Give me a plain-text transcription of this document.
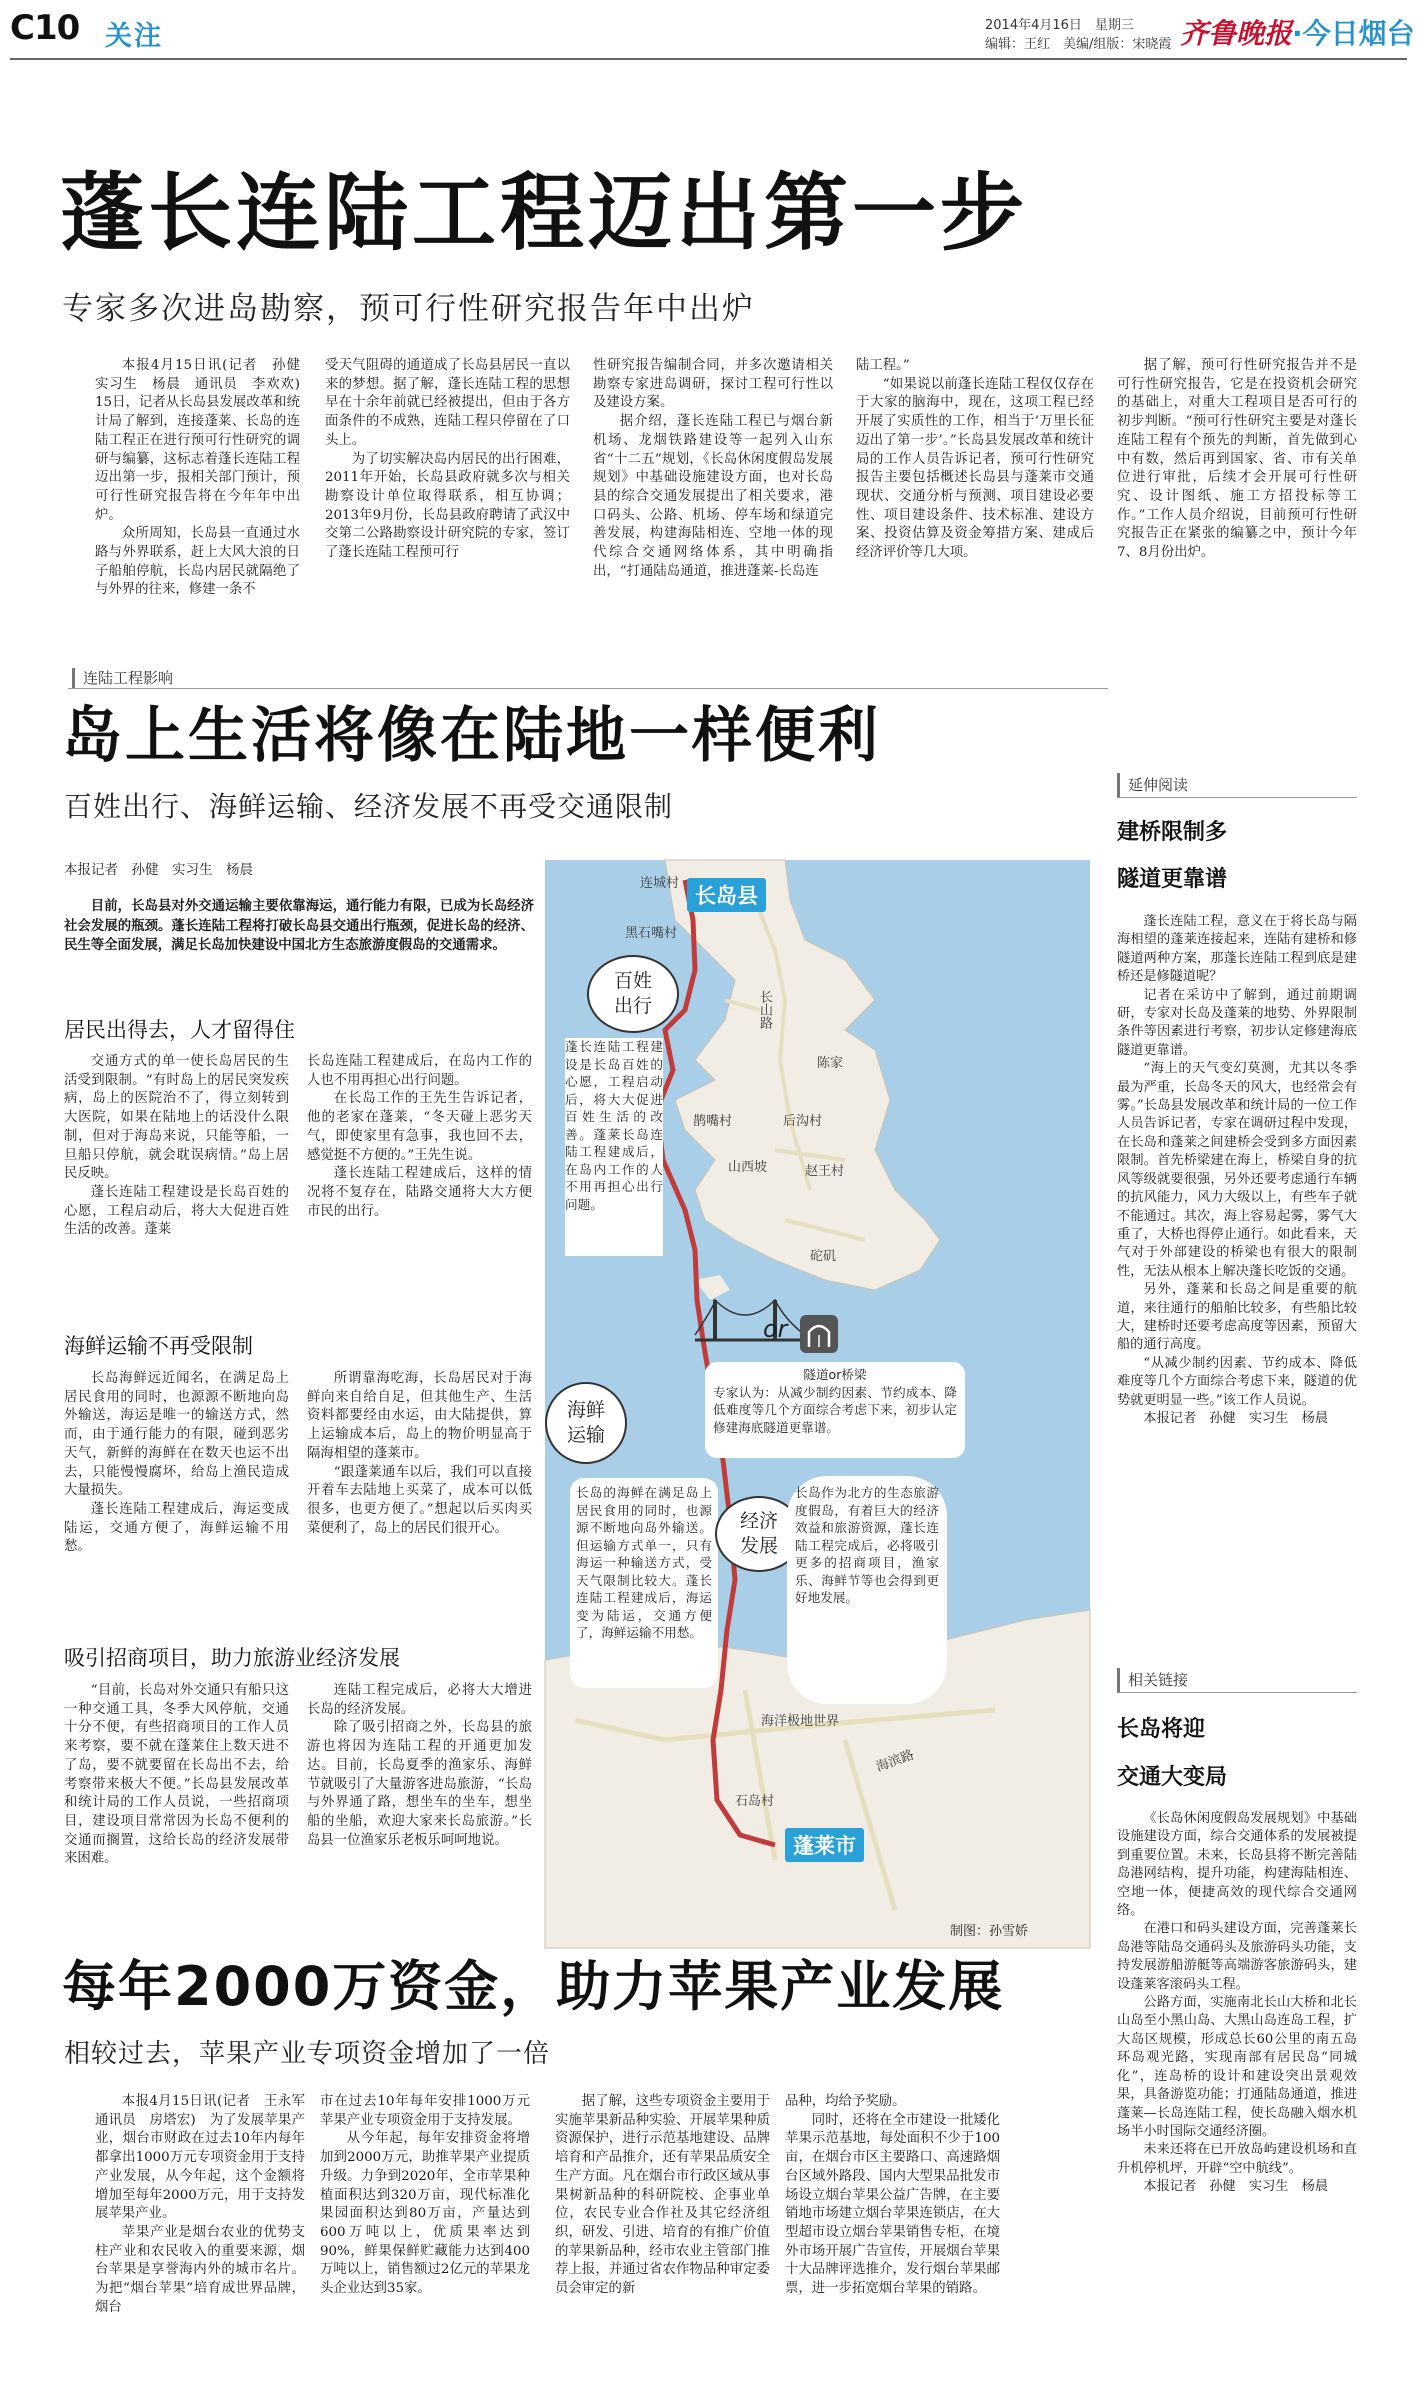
C10 关注	2014年4月16日　星期三
编辑：王红　美编/组版：宋晓霞 齐鲁晚报·今日烟台
蓬长连陆工程迈出第一步
专家多次进岛勘察，预可行性研究报告年中出炉

本报4月15日讯(记者　孙健　实习生　杨晨　通讯员　李欢欢)　15日，记者从长岛县发展改革和统计局了解到，连接蓬莱、长岛的连陆工程正在进行预可行性研究的调研与编纂，这标志着蓬长连陆工程迈出第一步，报相关部门预计，预可行性研究报告将在今年年中出炉。

众所周知，长岛县一直通过水路与外界联系，赶上大风大浪的日子船舶停航，长岛内居民就隔绝了与外界的往来，修建一条不

受天气阻碍的通道成了长岛县居民一直以来的梦想。据了解，蓬长连陆工程的思想早在十余年前就已经被提出，但由于各方面条件的不成熟，连陆工程只停留在了口头上。

为了切实解决岛内居民的出行困难，2011年开始，长岛县政府就多次与相关勘察设计单位取得联系，相互协调；2013年9月份，长岛县政府聘请了武汉中交第二公路勘察设计研究院的专家，签订了蓬长连陆工程预可行

性研究报告编制合同，并多次邀请相关勘察专家进岛调研，探讨工程可行性以及建设方案。

据介绍，蓬长连陆工程已与烟台新机场、龙烟铁路建设等一起列入山东省“十二五”规划，《长岛休闲度假岛发展规划》中基础设施建设方面，也对长岛县的综合交通发展提出了相关要求，港口码头、公路、机场、停车场和绿道完善发展，构建海陆相连、空地一体的现代综合交通网络体系，其中明确指出，“打通陆岛通道，推进蓬莱-长岛连

陆工程。”

“如果说以前蓬长连陆工程仅仅存在于大家的脑海中，现在，这项工程已经开展了实质性的工作，相当于‘万里长征迈出了第一步’。”长岛县发展改革和统计局的工作人员告诉记者，预可行性研究报告主要包括概述长岛县与蓬莱市交通现状、交通分析与预测、项目建设必要性、项目建设条件、技术标准、建设方案、投资估算及资金筹措方案、建成后经济评价等几大项。

据了解，预可行性研究报告并不是可行性研究报告，它是在投资机会研究的基础上，对重大工程项目是否可行的初步判断。“预可行性研究主要是对蓬长连陆工程有个预先的判断，首先做到心中有数，然后再到国家、省、市有关单位进行审批，后续才会开展可行性研究、设计图纸、施工方招投标等工作。”工作人员介绍说，目前预可行性研究报告正在紧张的编纂之中，预计今年7、8月份出炉。

连陆工程影响
岛上生活将像在陆地一样便利
百姓出行、海鲜运输、经济发展不再受交通限制
本报记者　孙健　实习生　杨晨

目前，长岛县对外交通运输主要依靠海运，通行能力有限，已成为长岛经济社会发展的瓶颈。蓬长连陆工程将打破长岛县交通出行瓶颈，促进长岛的经济、民生等全面发展，满足长岛加快建设中国北方生态旅游度假岛的交通需求。

居民出得去，人才留得住

交通方式的单一使长岛居民的生活受到限制。“有时岛上的居民突发疾病，岛上的医院治不了，得立刻转到大医院，如果在陆地上的话没什么限制，但对于海岛来说，只能等船，一旦船只停航，就会耽误病情。”岛上居民反映。

蓬长连陆工程建设是长岛百姓的心愿，工程启动后，将大大促进百姓生活的改善。蓬莱

长岛连陆工程建成后，在岛内工作的人也不用再担心出行问题。

在长岛工作的王先生告诉记者，他的老家在蓬莱，“冬天碰上恶劣天气，即使家里有急事，我也回不去，感觉挺不方便的。”王先生说。

蓬长连陆工程建成后，这样的情况将不复存在，陆路交通将大大方便市民的出行。

海鲜运输不再受限制

长岛海鲜远近闻名，在满足岛上居民食用的同时，也源源不断地向岛外输送，海运是唯一的输送方式，然而，由于通行能力的有限，碰到恶劣天气，新鲜的海鲜在在数天也运不出去，只能慢慢腐坏，给岛上渔民造成大量损失。

蓬长连陆工程建成后，海运变成陆运，交通方便了，海鲜运输不用愁。

所谓靠海吃海，长岛居民对于海鲜向来自给自足，但其他生产、生活资料都要经由水运，由大陆提供，算上运输成本后，岛上的物价明显高于隔海相望的蓬莱市。

“跟蓬莱通车以后，我们可以直接开着车去陆地上买菜了，成本可以低很多，也更方便了。”想起以后买肉买菜便利了，岛上的居民们很开心。

吸引招商项目，助力旅游业经济发展

“目前，长岛对外交通只有船只这一种交通工具，冬季大风停航，交通十分不便，有些招商项目的工作人员来考察，要不就在蓬莱住上数天进不了岛，要不就要留在长岛出不去，给考察带来极大不便。”长岛县发展改革和统计局的工作人员说，一些招商项目，建设项目常常因为长岛不便利的交通而搁置，这给长岛的经济发展带来困难。

连陆工程完成后，必将大大增进长岛的经济发展。

除了吸引招商之外，长岛县的旅游也将因为连陆工程的开通更加发达。目前，长岛夏季的渔家乐、海鲜节就吸引了大量游客进岛旅游，“长岛与外界通了路，想坐车的坐车，想坐船的坐船，欢迎大家来长岛旅游。”长岛县一位渔家乐老板乐呵呵地说。

长岛县
蓬莱市
连城村
黑石嘴村
长山路
陈家
鹊嘴村	后沟村
山西坡	赵王村
砣矶
海洋极地世界
海滨路
石岛村
or
百姓出行
蓬长连陆工程建设是长岛百姓的心愿，工程启动后，将大大促进百姓生活的改善。蓬莱长岛连陆工程建成后，在岛内工作的人不用再担心出行问题。
隧道or桥梁
专家认为：从减少制约因素、节约成本、降低难度等几个方面综合考虑下来，初步认定修建海底隧道更靠谱。
海鲜运输
长岛的海鲜在满足岛上居民食用的同时，也源源不断地向岛外输送。但运输方式单一，只有海运一种输送方式，受天气限制比较大。蓬长连陆工程建成后，海运变为陆运，交通方便了，海鲜运输不用愁。
经济发展
长岛作为北方的生态旅游度假岛，有着巨大的经济效益和旅游资源，蓬长连陆工程完成后，必将吸引更多的招商项目，渔家乐、海鲜节等也会得到更好地发展。
制图：孙雪娇
延伸阅读
建桥限制多
隧道更靠谱

蓬长连陆工程，意义在于将长岛与隔海相望的蓬莱连接起来，连陆有建桥和修隧道两种方案，那蓬长连陆工程到底是建桥还是修隧道呢？

记者在采访中了解到，通过前期调研，专家对长岛及蓬莱的地势、外界限制条件等因素进行考察，初步认定修建海底隧道更靠谱。

“海上的天气变幻莫测，尤其以冬季最为严重，长岛冬天的风大，也经常会有雾。”长岛县发展改革和统计局的一位工作人员告诉记者，专家在调研过程中发现，在长岛和蓬莱之间建桥会受到多方面因素限制。首先桥梁建在海上，桥梁自身的抗风等级就要很强，另外还要考虑通行车辆的抗风能力，风力大级以上，有些车子就不能通过。其次，海上容易起雾，雾气大重了，大桥也得停止通行。如此看来，天气对于外部建设的桥梁也有很大的限制性，无法从根本上解决蓬长吃饭的交通。

另外，蓬莱和长岛之间是重要的航道，来往通行的船舶比较多，有些船比较大，建桥时还要考虑高度等因素，预留大船的通行高度。

“从减少制约因素、节约成本、降低难度等几个方面综合考虑下来，隧道的优势就更明显一些。”该工作人员说。

本报记者　孙健　实习生　杨晨

相关链接
长岛将迎
交通大变局

《长岛休闲度假岛发展规划》中基础设施建设方面，综合交通体系的发展被提到重要位置。未来，长岛县将不断完善陆岛港网结构，提升功能，构建海陆相连、空地一体，便捷高效的现代综合交通网络。

在港口和码头建设方面，完善蓬莱长岛港等陆岛交通码头及旅游码头功能，支持发展游船游艇等高端游客旅游码头，建设蓬莱客滚码头工程。

公路方面，实施南北长山大桥和北长山岛至小黑山岛、大黑山岛连岛工程，扩大岛区规模，形成总长60公里的南五岛环岛观光路，实现南部有居民岛“同城化”，连岛桥的设计和建设突出景观效果，具备游览功能；打通陆岛通道，推进蓬莱—长岛连陆工程，使长岛融入烟水机场半小时国际交通经济圈。

未来还将在已开放岛屿建设机场和直升机停机坪，开辟“空中航线”。

本报记者　孙健　实习生　杨晨

每年2000万资金，助力苹果产业发展
相较过去，苹果产业专项资金增加了一倍

本报4月15日讯(记者　王永军　通讯员　房塔宏)　为了发展苹果产业，烟台市财政在过去10年内每年都拿出1000万元专项资金用于支持产业发展，从今年起，这个金额将增加至每年2000万元，用于支持发展苹果产业。

苹果产业是烟台农业的优势支柱产业和农民收入的重要来源，烟台苹果是享誉海内外的城市名片。为把“烟台苹果”培育成世界品牌，烟台

市在过去10年每年安排1000万元苹果产业专项资金用于支持发展。

从今年起，每年安排资金将增加到2000万元，助推苹果产业提质升级。力争到2020年，全市苹果种植面积达到320万亩，现代标准化果园面积达到80万亩，产量达到600万吨以上，优质果率达到90%，鲜果保鲜贮藏能力达到400万吨以上，销售额过2亿元的苹果龙头企业达到35家。

据了解，这些专项资金主要用于实施苹果新品种实验、开展苹果种质资源保护，进行示范基地建设、品牌培育和产品推介，还有苹果品质安全生产方面。凡在烟台市行政区域从事果树新品种的科研院校、企事业单位，农民专业合作社及其它经济组织，研发、引进、培育的有推广价值的苹果新品种，经市农业主管部门推荐上报，并通过省农作物品种审定委员会审定的新

品种，均给予奖励。

同时，还将在全市建设一批矮化苹果示范基地，每处面积不少于100亩，在烟台市区主要路口、高速路烟台区域外路段、国内大型果品批发市场设立烟台苹果公益广告牌，在主要销地市场建立烟台苹果连锁店，在大型超市设立烟台苹果销售专柜，在境外市场开展广告宣传，开展烟台苹果十大品牌评选推介，发行烟台苹果邮票，进一步拓宽烟台苹果的销路。
